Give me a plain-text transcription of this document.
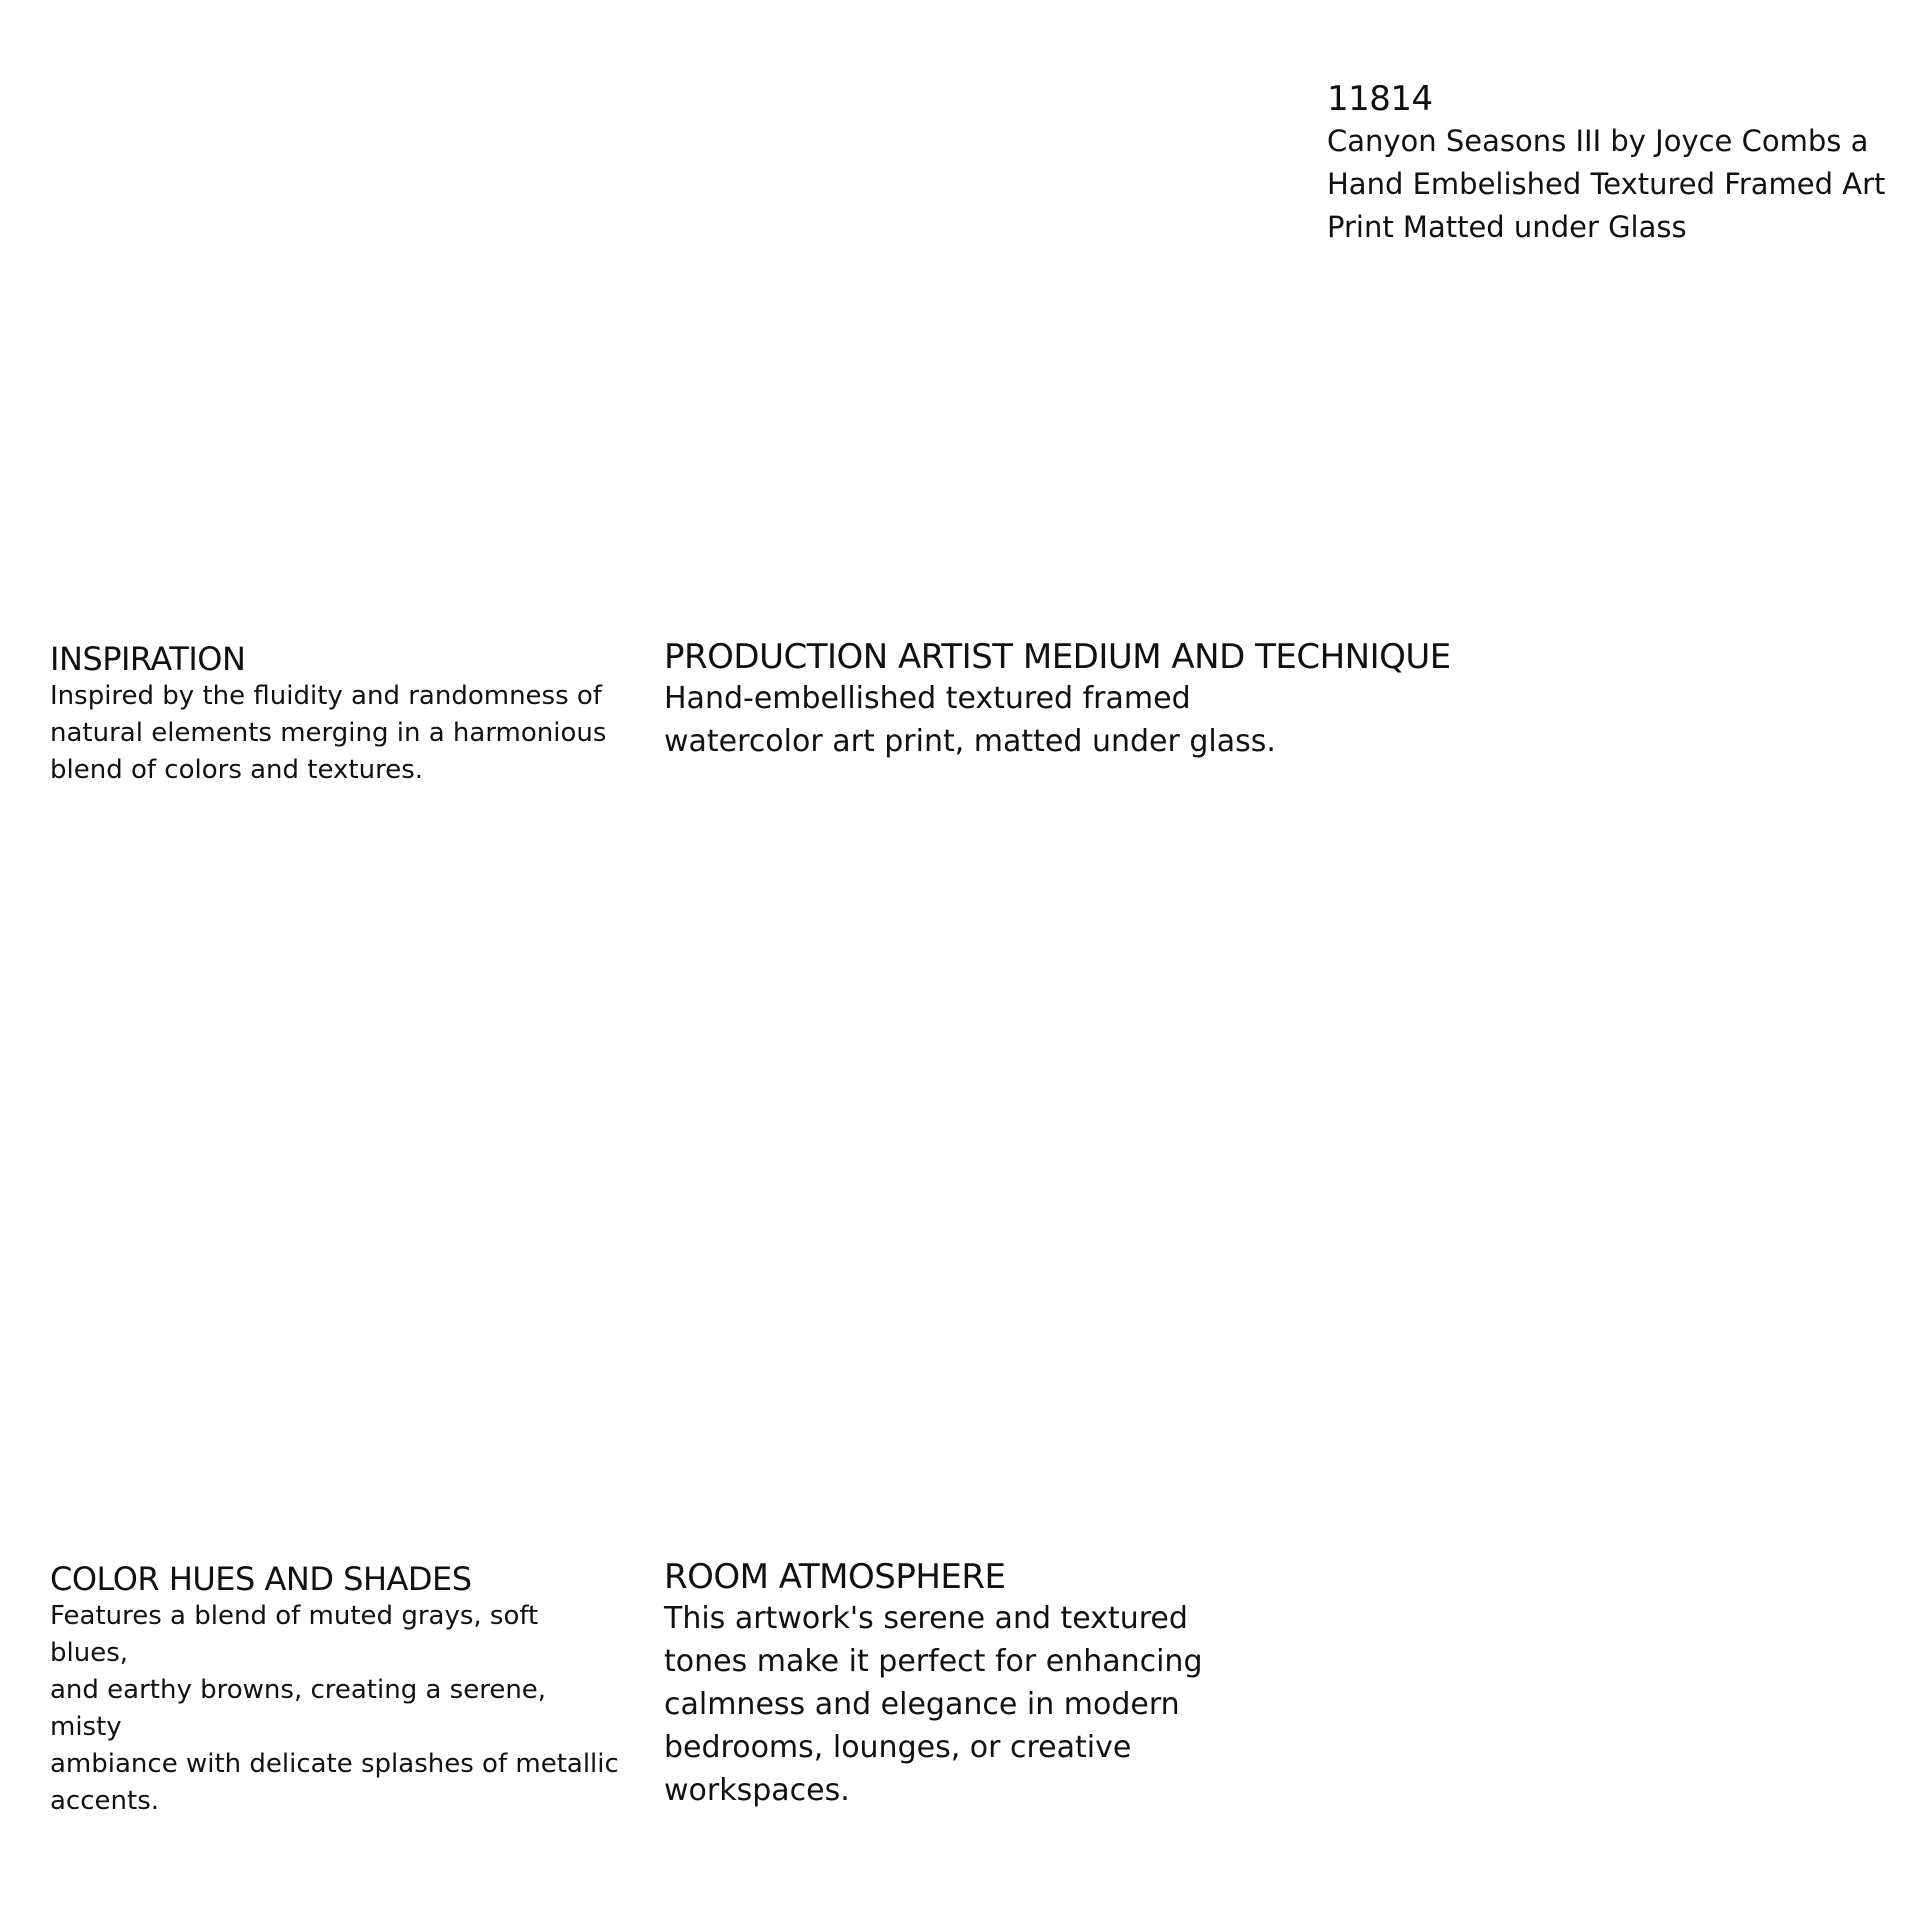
11814

Canyon Seasons III by Joyce Combs a
Hand Embelished Textured Framed Art
Print Matted under Glass

INSPIRATION

Inspired by the fluidity and randomness of
natural elements merging in a harmonious
blend of colors and textures.

PRODUCTION ARTIST MEDIUM AND TECHNIQUE

Hand-embellished textured framed
watercolor art print, matted under glass.

COLOR HUES AND SHADES

Features a blend of muted grays, soft blues,
and earthy browns, creating a serene, misty
ambiance with delicate splashes of metallic
accents.

ROOM ATMOSPHERE

This artwork's serene and textured
tones make it perfect for enhancing
calmness and elegance in modern
bedrooms, lounges, or creative
workspaces.
